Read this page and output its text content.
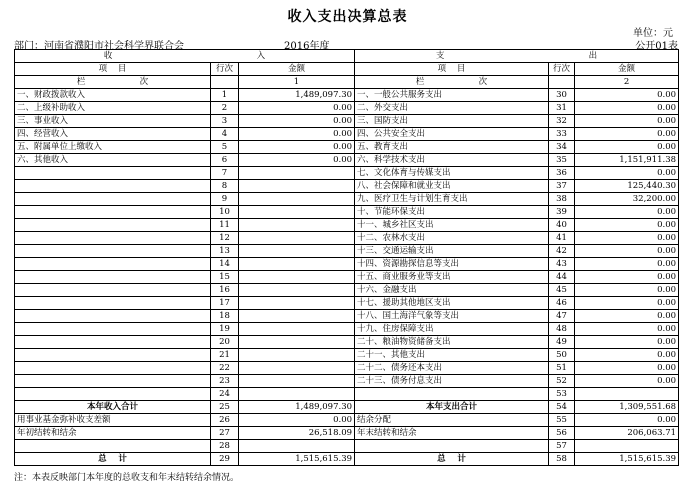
收入支出决算总表
单位：元
部门：河南省濮阳市社会科学界联合会	2016年度	公开01表
收 入			支 出		
项    目	行次	金额	项    目	行次	金额
栏 次		1	栏 次		2
一、财政拨款收入	1	1,489,097.30	一、一般公共服务支出	30	0.00
二、上级补助收入	2	0.00	二、外交支出	31	0.00
三、事业收入	3	0.00	三、国防支出	32	0.00
四、经营收入	4	0.00	四、公共安全支出	33	0.00
五、附属单位上缴收入	5	0.00	五、教育支出	34	0.00
六、其他收入	6	0.00	六、科学技术支出	35	1,151,911.38
	7		七、文化体育与传媒支出	36	0.00
	8		八、社会保障和就业支出	37	125,440.30
	9		九、医疗卫生与计划生育支出	38	32,200.00
	10		十、节能环保支出	39	0.00
	11		十一、城乡社区支出	40	0.00
	12		十二、农林水支出	41	0.00
	13		十三、交通运输支出	42	0.00
	14		十四、资源勘探信息等支出	43	0.00
	15		十五、商业服务业等支出	44	0.00
	16		十六、金融支出	45	0.00
	17		十七、援助其他地区支出	46	0.00
	18		十八、国土海洋气象等支出	47	0.00
	19		十九、住房保障支出	48	0.00
	20		二十、粮油物资储备支出	49	0.00
	21		二十一、其他支出	50	0.00
	22		二十二、债务还本支出	51	0.00
	23		二十三、债务付息支出	52	0.00
	24			53	
本年收入合计	25	1,489,097.30	本年支出合计	54	1,309,551.68
用事业基金弥补收支差额	26	0.00	结余分配	55	0.00
年初结转和结余	27	26,518.09	年末结转和结余	56	206,063.71
	28			57	
总    计	29	1,515,615.39	总    计	58	1,515,615.39
注：本表反映部门本年度的总收支和年末结转结余情况。
